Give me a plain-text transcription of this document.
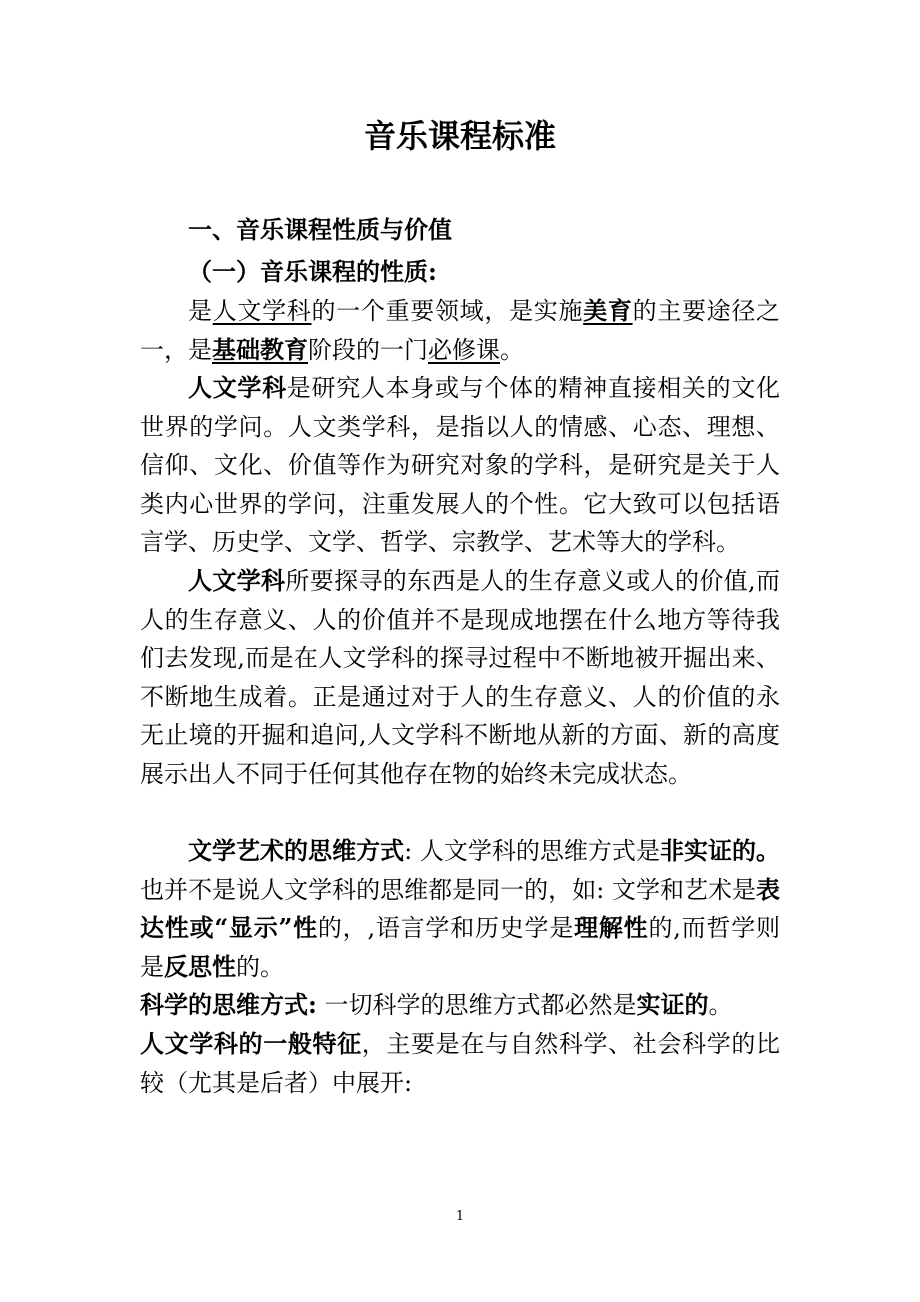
音乐课程标准
一、音乐课程性质与价值
（一）音乐课程的性质:

是人文学科的一个重要领域，是实施美育的主要途径之一，是基础教育阶段的一门必修课。

人文学科是研究人本身或与个体的精神直接相关的文化世界的学问。人文类学科，是指以人的情感、心态、理想、信仰、文化、价值等作为研究对象的学科，是研究是关于人类内心世界的学问，注重发展人的个性。它大致可以包括语言学、历史学、文学、哲学、宗教学、艺术等大的学科。

人文学科所要探寻的东西是人的生存意义或人的价值,而人的生存意义、人的价值并不是现成地摆在什么地方等待我们去发现,而是在人文学科的探寻过程中不断地被开掘出来、不断地生成着。正是通过对于人的生存意义、人的价值的永无止境的开掘和追问,人文学科不断地从新的方面、新的高度展示出人不同于任何其他存在物的始终未完成状态。

文学艺术的思维方式: 人文学科的思维方式是非实证的。也并不是说人文学科的思维都是同一的，如: 文学和艺术是表达性或“显示”性的，,语言学和历史学是理解性的,而哲学则是反思性的。

科学的思维方式: 一切科学的思维方式都必然是实证的。

人文学科的一般特征，主要是在与自然科学、社会科学的比较（尤其是后者）中展开:

1
